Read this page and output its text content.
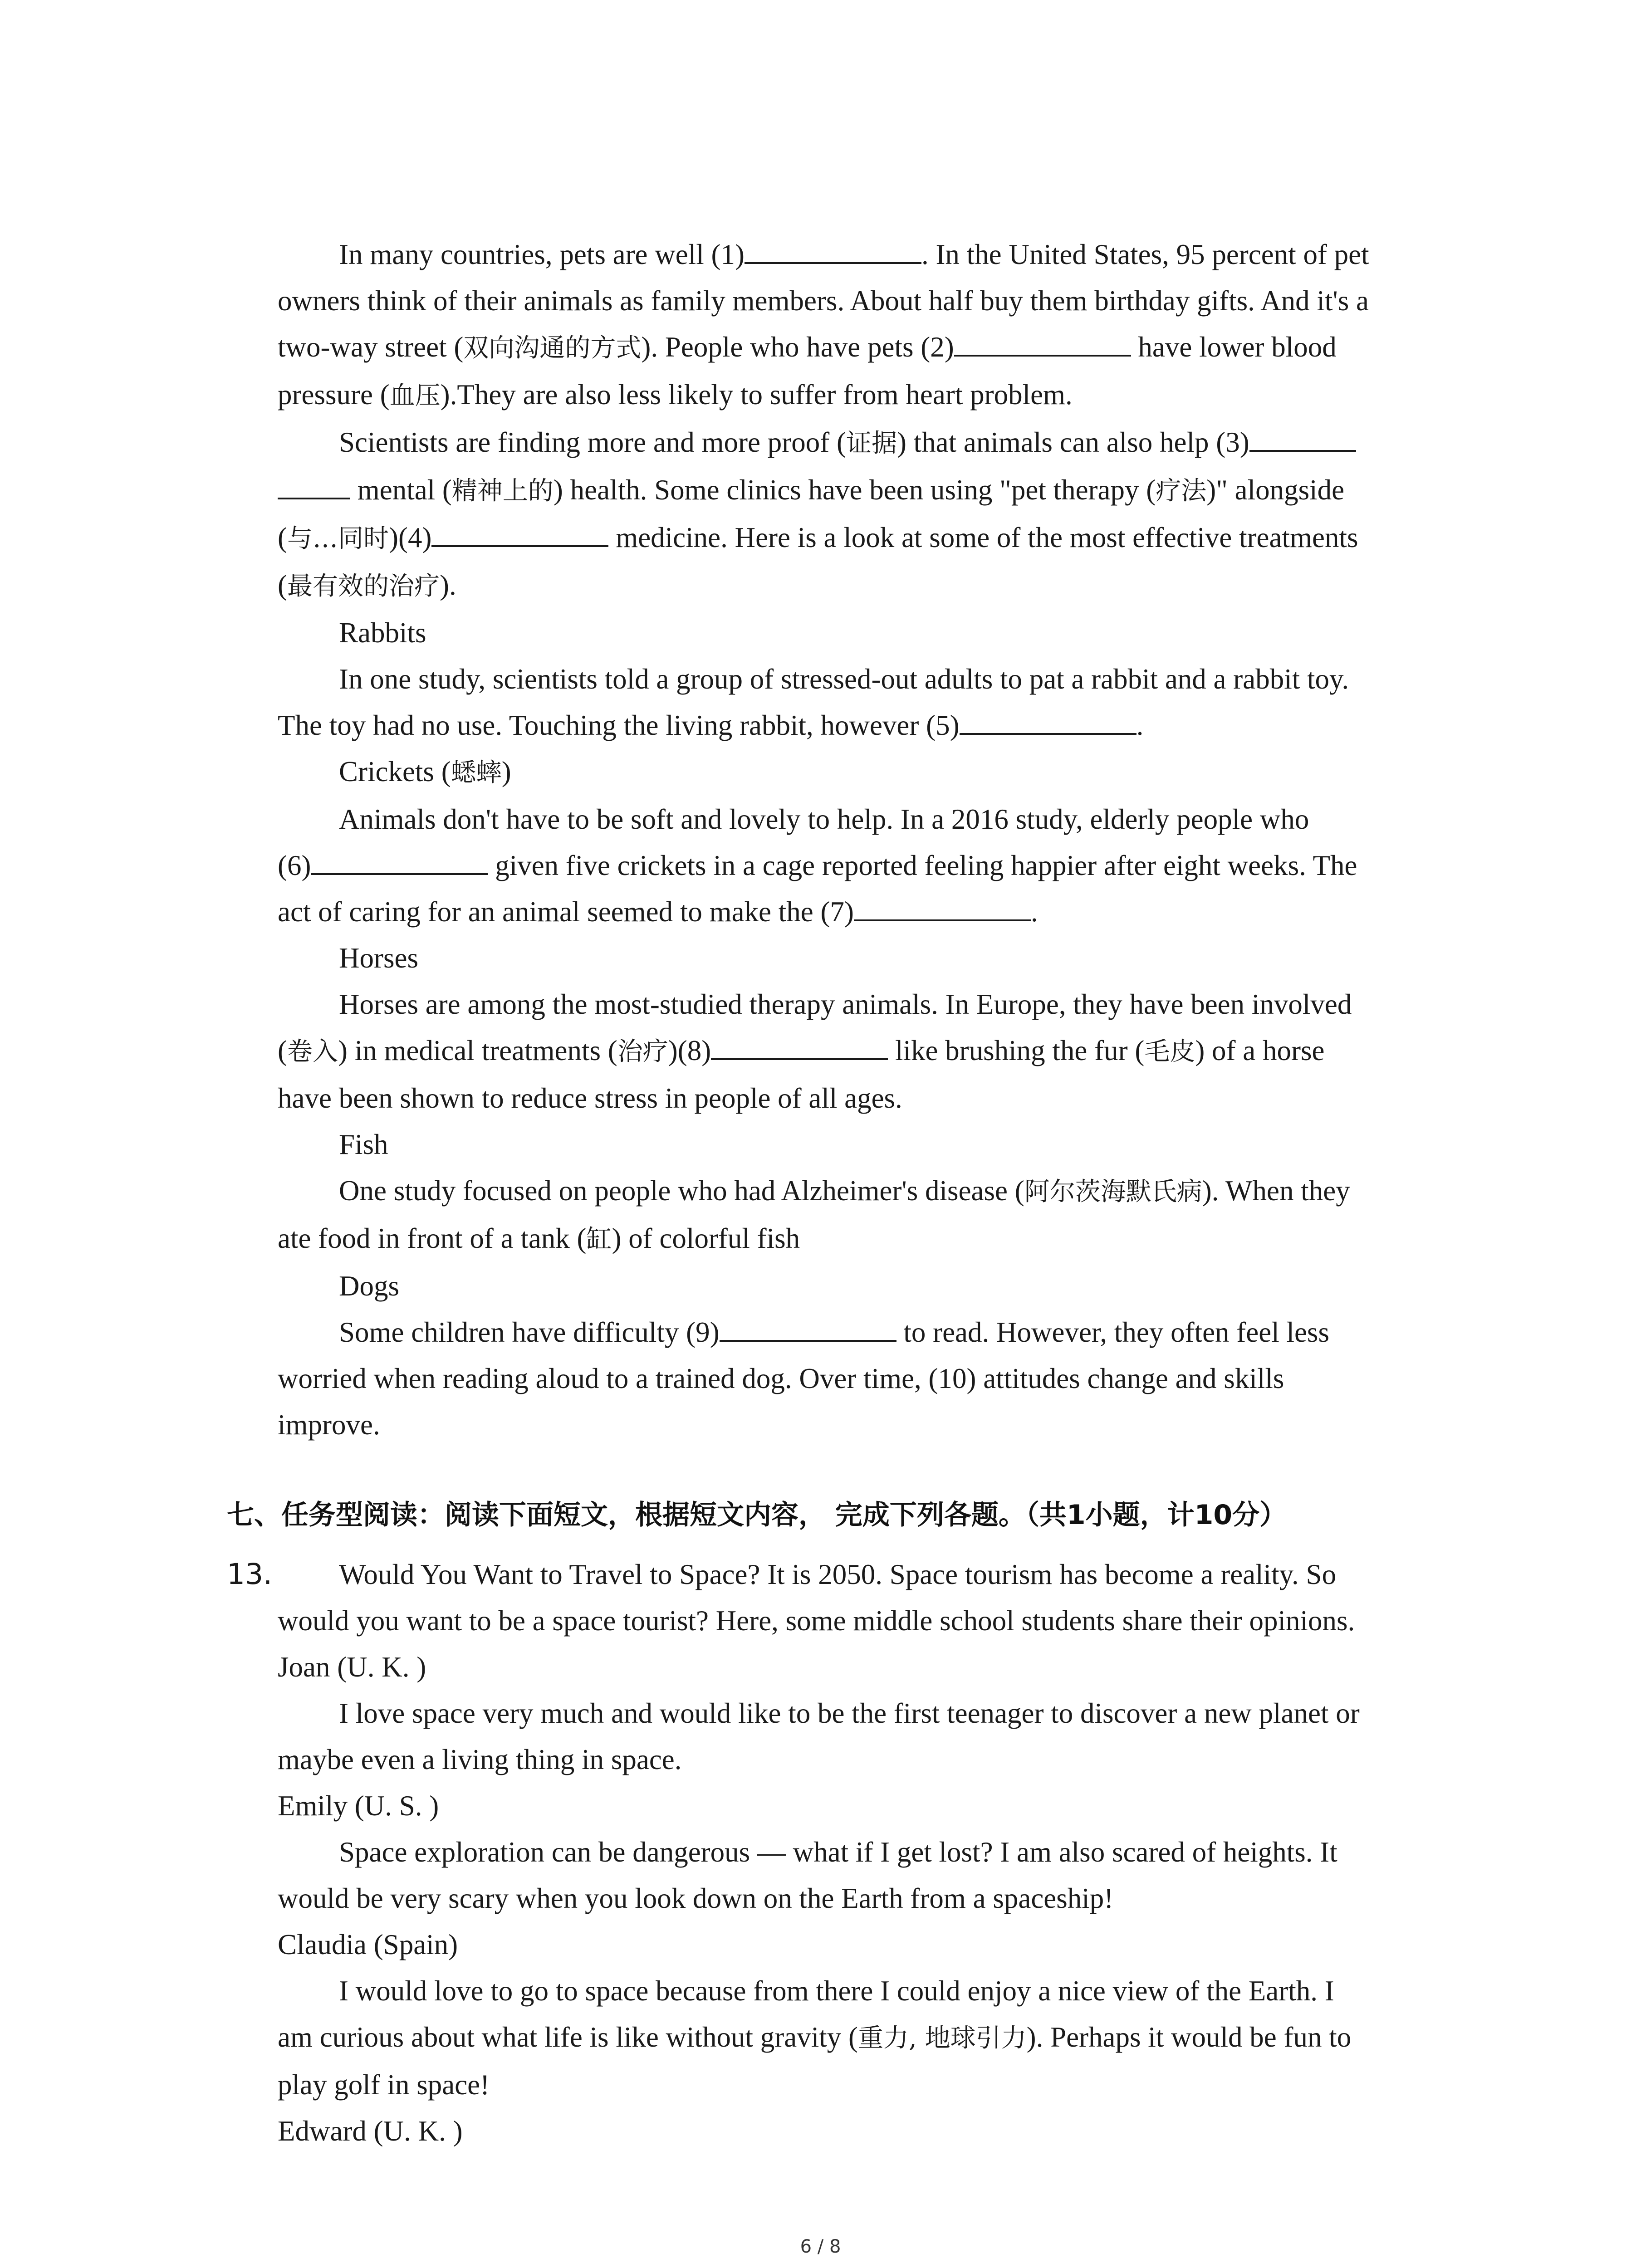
In many countries, pets are well (1)	. In the United States, 95 percent of pet
owners think of their animals as family members. About half buy them birthday gifts. And it's a
two-way street (双向沟通的方式). People who have pets (2)	have lower blood
pressure (血压).They are also less likely to suffer from heart problem.
Scientists are finding more and more proof (证据) that animals can also help (3)
mental (精神上的) health. Some clinics have been using "pet therapy (疗法)" alongside
(与…同时)(4)	medicine. Here is a look at some of the most effective treatments
(最有效的治疗).
Rabbits
In one study, scientists told a group of stressed-out adults to pat a rabbit and a rabbit toy.
The toy had no use. Touching the living rabbit, however (5)	.
Crickets (蟋蟀)
Animals don't have to be soft and lovely to help. In a 2016 study, elderly people who
(6)	given five crickets in a cage reported feeling happier after eight weeks. The
act of caring for an animal seemed to make the (7)	.
Horses
Horses are among the most-studied therapy animals. In Europe, they have been involved
(卷入) in medical treatments (治疗)(8)	like brushing the fur (毛皮) of a horse
have been shown to reduce stress in people of all ages.
Fish
One study focused on people who had Alzheimer's disease (阿尔茨海默氏病). When they
ate food in front of a tank (缸) of colorful fish
Dogs
Some children have difficulty (9)	to read. However, they often feel less
worried when reading aloud to a trained dog. Over time, (10) attitudes change and skills
improve.
七、任务型阅读：阅读下面短文，根据短文内容， 完成下列各题。（共1小题，计10分）
13.	Would You Want to Travel to Space? It is 2050. Space tourism has become a reality. So
would you want to be a space tourist? Here, some middle school students share their opinions.
Joan (U. K. )
I love space very much and would like to be the first teenager to discover a new planet or
maybe even a living thing in space.
Emily (U. S. )
Space exploration can be dangerous — what if I get lost? I am also scared of heights. It
would be very scary when you look down on the Earth from a spaceship!
Claudia (Spain)
I would love to go to space because from there I could enjoy a nice view of the Earth. I
am curious about what life is like without gravity (重力, 地球引力). Perhaps it would be fun to
play golf in space!
Edward (U. K. )
6 / 8
